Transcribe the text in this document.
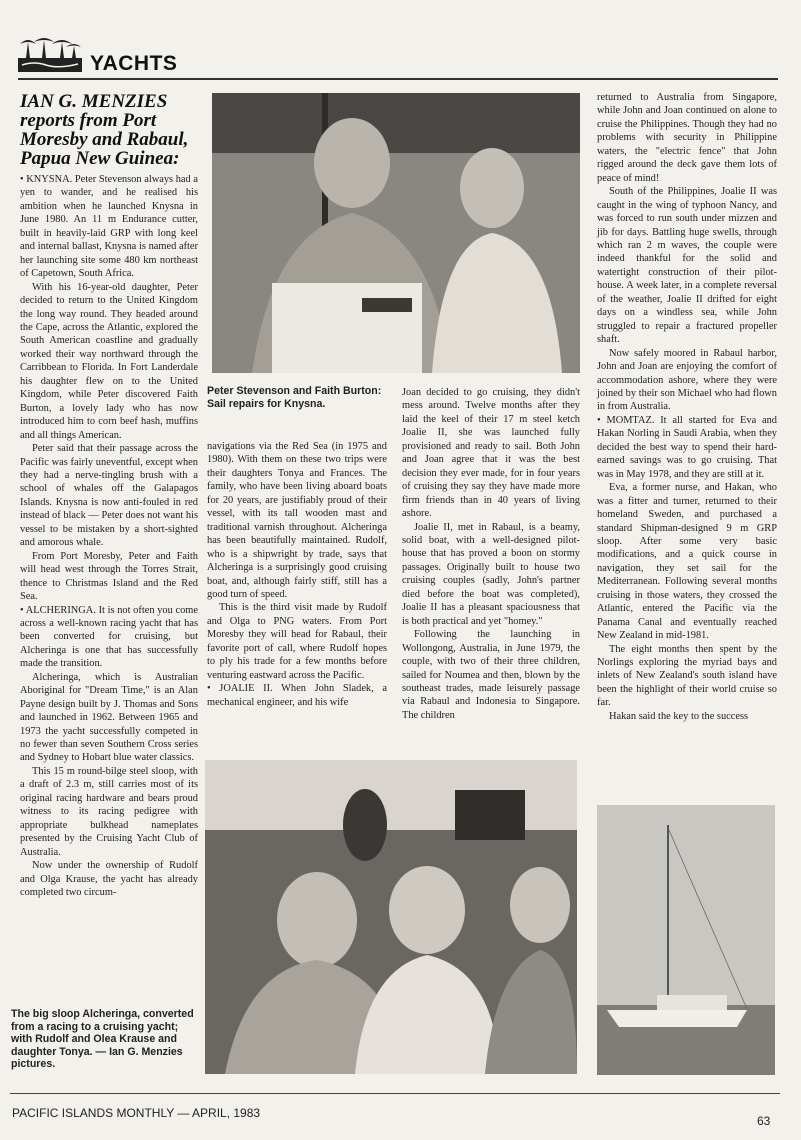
YACHTS
IAN G. MENZIES reports from Port Moresby and Rabaul, Papua New Guinea:

• KNYSNA. Peter Stevenson always had a yen to wander, and he realised his ambition when he launched Knysna in June 1980. An 11 m Endurance cutter, built in heavily-laid GRP with long keel and internal ballast, Knysna is named after her launching site some 480 km northeast of Capetown, South Africa.

With his 16-year-old daughter, Peter decided to return to the United Kingdom the long way round. They headed around the Cape, across the Atlantic, explored the South American coastline and gradually worked their way northward through the Carribbean to Florida. In Fort Landerdale his daughter flew on to the United Kingdom, while Peter discovered Faith Burton, a lovely lady who has now introduced him to corn beef hash, muffins and all things American.

Peter said that their passage across the Pacific was fairly uneventful, except when they had a nerve-tingling brush with a school of whales off the Galapagos Islands. Knysna is now anti-fouled in red instead of black — Peter does not want his vessel to be mistaken by a short-sighted and amorous whale.

From Port Moresby, Peter and Faith will head west through the Torres Strait, thence to Christmas Island and the Red Sea.

• ALCHERINGA. It is not often you come across a well-known racing yacht that has been converted for cruising, but Alcheringa is one that has successfully made the transition.

Alcheringa, which is Australian Aboriginal for "Dream Time," is an Alan Payne design built by J. Thomas and Sons and launched in 1962. Between 1965 and 1973 the yacht successfully competed in no fewer than seven Southern Cross series and Sydney to Hobart blue water classics.

This 15 m round-bilge steel sloop, with a draft of 2.3 m, still carries most of its original racing hardware and bears proud witness to its racing pedigree with appropriate bulkhead nameplates presented by the Cruising Yacht Club of Australia.

Now under the ownership of Rudolf and Olga Krause, the yacht has already completed two circum-

Peter Stevenson and Faith Burton: Sail repairs for Knysna.

navigations via the Red Sea (in 1975 and 1980). With them on these two trips were their daughters Tonya and Frances. The family, who have been living aboard boats for 20 years, are justifiably proud of their vessel, with its tall wooden mast and traditional varnish throughout. Alcheringa has been beautifully maintained. Rudolf, who is a shipwright by trade, says that Alcheringa is a surprisingly good cruising boat, and, although fairly stiff, still has a good turn of speed.

This is the third visit made by Rudolf and Olga to PNG waters. From Port Moresby they will head for Rabaul, their favorite port of call, where Rudolf hopes to ply his trade for a few months before venturing eastward across the Pacific.

• JOALIE II. When John Sladek, a mechanical engineer, and his wife

Joan decided to go cruising, they didn't mess around. Twelve months after they laid the keel of their 17 m steel ketch Joalie II, she was launched fully provisioned and ready to sail. Both John and Joan agree that it was the best decision they ever made, for in four years of cruising they say they have made more firm friends than in 40 years of living ashore.

Joalie II, met in Rabaul, is a beamy, solid boat, with a well-designed pilot-house that has proved a boon on stormy passages. Originally built to house two cruising couples (sadly, John's partner died before the boat was completed), Joalie II has a pleasant spaciousness that is both practical and yet "homey."

Following the launching in Wollongong, Australia, in June 1979, the couple, with two of their three children, sailed for Noumea and then, blown by the southeast trades, made leisurely passage via Rabaul and Indonesia to Singapore. The children

returned to Australia from Singapore, while John and Joan continued on alone to cruise the Philippines. Though they had no problems with security in Philippine waters, the "electric fence" that John rigged around the deck gave them lots of peace of mind!

South of the Philippines, Joalie II was caught in the wing of typhoon Nancy, and was forced to run south under mizzen and jib for days. Battling huge swells, through which ran 2 m waves, the couple were indeed thankful for the solid and watertight construction of their pilot-house. A week later, in a complete reversal of the weather, Joalie II drifted for eight days on a windless sea, while John struggled to repair a fractured propeller shaft.

Now safely moored in Rabaul harbor, John and Joan are enjoying the comfort of accommodation ashore, where they were joined by their son Michael who had flown in from Australia.

• MOMTAZ. It all started for Eva and Hakan Norling in Saudi Arabia, when they decided the best way to spend their hard-earned savings was to go cruising. That was in May 1978, and they are still at it.

Eva, a former nurse, and Hakan, who was a fitter and turner, returned to their homeland Sweden, and purchased a standard Shipman-designed 9 m GRP sloop. After some very basic modifications, and a quick course in navigation, they set sail for the Mediterranean. Following several months cruising in those waters, they crossed the Atlantic, entered the Pacific via the Panama Canal and eventually reached New Zealand in mid-1981.

The eight months then spent by the Norlings exploring the myriad bays and inlets of New Zealand's south island have been the highlight of their world cruise so far.

Hakan said the key to the success

The big sloop Alcheringa, converted from a racing to a cruising yacht; with Rudolf and Olea Krause and daughter Tonya. — Ian G. Menzies pictures.
PACIFIC ISLANDS MONTHLY — APRIL, 1983
63
